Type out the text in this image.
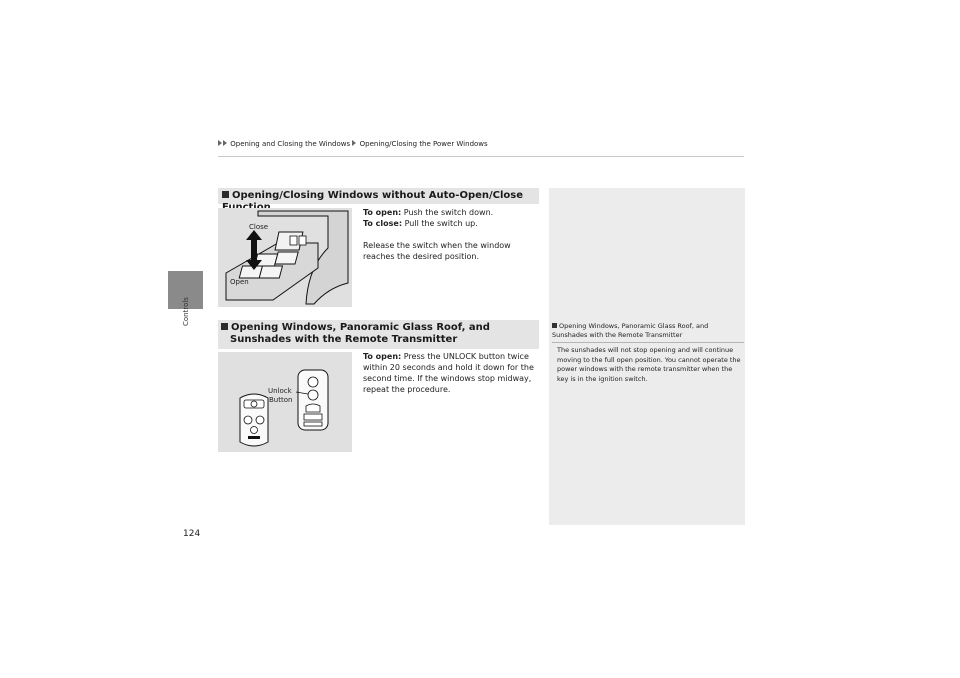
Controls
Opening and Closing the Windows Opening/Closing the Power Windows
Opening/Closing Windows without Auto-Open/Close
Close
Open
To open: Push the switch down.
To close: Pull the switch up.
Release the switch when the window reaches the desired position.
Opening Windows, Panoramic Glass Roof, and Sunshades with the Remote Transmitter
Unlock
Button
To open: Press the UNLOCK button twice within 20 seconds and hold it down for the second time. If the windows stop midway, repeat the procedure.
Opening Windows, Panoramic Glass Roof, and Sunshades with the Remote Transmitter
The sunshades will not stop opening and will continue moving to the full open position. You cannot operate the power windows with the remote transmitter when the key is in the ignition switch.
124
